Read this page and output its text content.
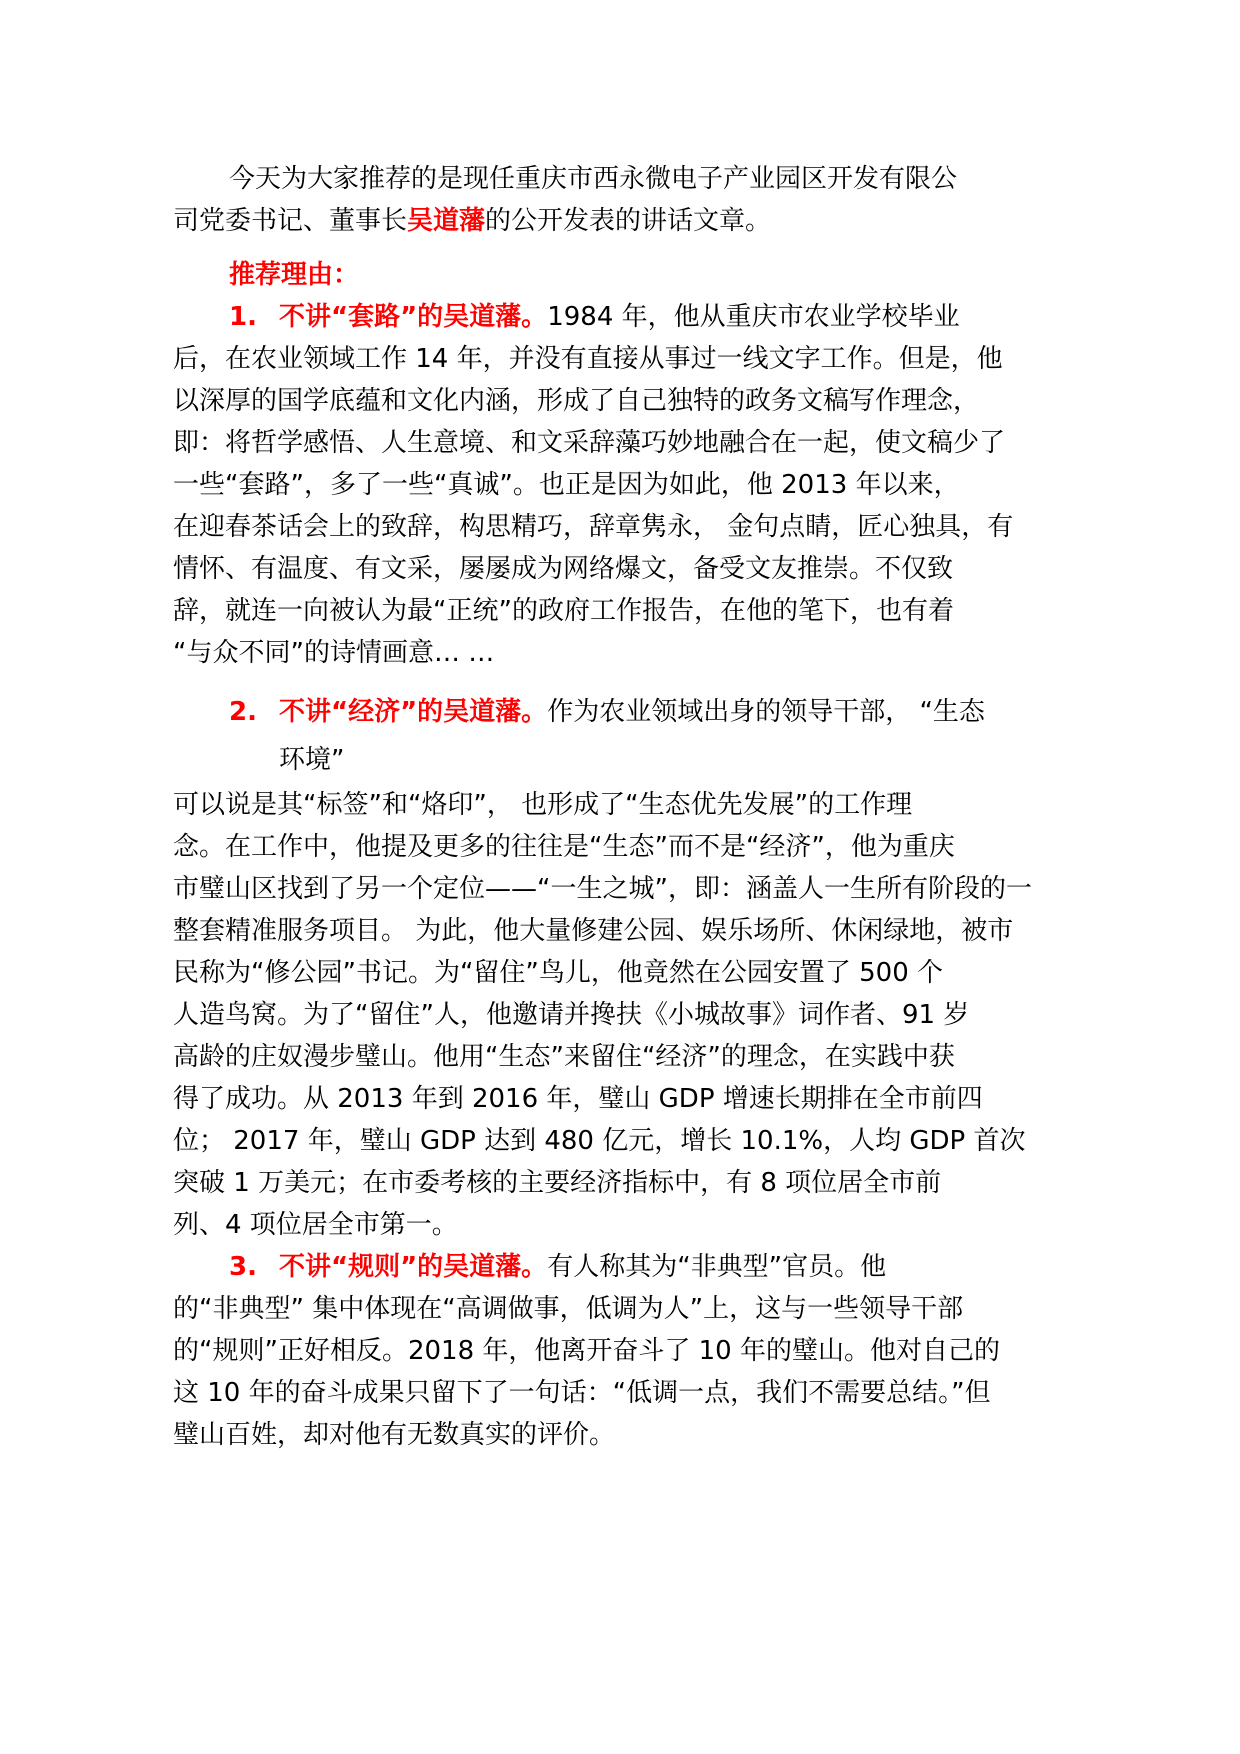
今天为大家推荐的是现任重庆市西永微电子产业园区开发有限公
司党委书记、董事长吴道藩的公开发表的讲话文章。
推荐理由：
1. 不讲“套路”的吴道藩。1984 年，他从重庆市农业学校毕业
后，在农业领域工作 14 年，并没有直接从事过一线文字工作。但是，他
以深厚的国学底蕴和文化内涵，形成了自己独特的政务文稿写作理念，
即：将哲学感悟、人生意境、和文采辞藻巧妙地融合在一起，使文稿少了
一些“套路”，多了一些“真诚”。也正是因为如此，他 2013 年以来，
在迎春茶话会上的致辞，构思精巧，辞章隽永， 金句点睛，匠心独具，有
情怀、有温度、有文采，屡屡成为网络爆文，备受文友推崇。不仅致
辞，就连一向被认为最“正统”的政府工作报告，在他的笔下，也有着
“与众不同”的诗情画意… …
2. 不讲“经济”的吴道藩。作为农业领域出身的领导干部， “生态
环境”
可以说是其“标签”和“烙印”， 也形成了“生态优先发展”的工作理
念。在工作中，他提及更多的往往是“生态”而不是“经济”，他为重庆
市璧山区找到了另一个定位——“一生之城”，即：涵盖人一生所有阶段的一
整套精准服务项目。 为此，他大量修建公园、娱乐场所、休闲绿地，被市
民称为“修公园”书记。为“留住”鸟儿，他竟然在公园安置了 500 个
人造鸟窝。为了“留住”人，他邀请并搀扶《小城故事》词作者、91 岁
高龄的庄奴漫步璧山。他用“生态”来留住“经济”的理念，在实践中获
得了成功。从 2013 年到 2016 年，璧山 GDP 增速长期排在全市前四
位； 2017 年，璧山 GDP 达到 480 亿元，增长 10.1%，人均 GDP 首次
突破 1 万美元；在市委考核的主要经济指标中，有 8 项位居全市前
列、4 项位居全市第一。
3. 不讲“规则”的吴道藩。有人称其为“非典型”官员。他
的“非典型” 集中体现在“高调做事，低调为人”上，这与一些领导干部
的“规则”正好相反。2018 年，他离开奋斗了 10 年的璧山。他对自己的
这 10 年的奋斗成果只留下了一句话：“低调一点，我们不需要总结。”但
璧山百姓，却对他有无数真实的评价。
